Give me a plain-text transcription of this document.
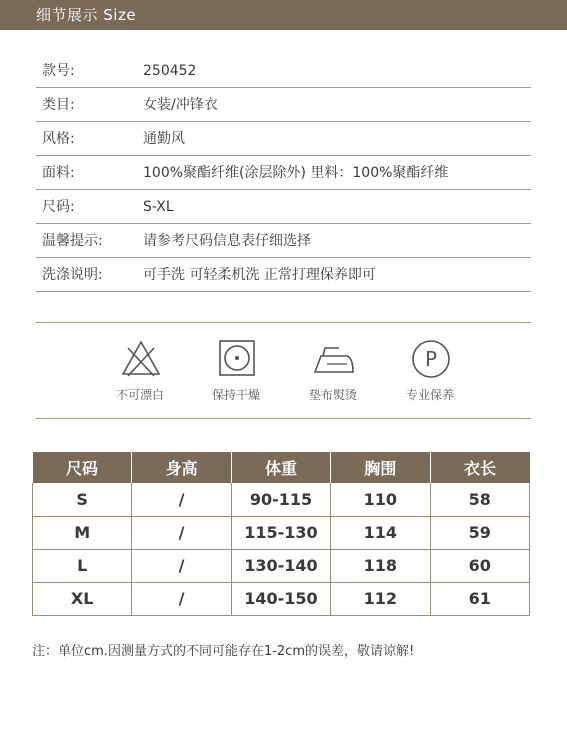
细节展示 Size
款号:	250452
类目:	女装/冲锋衣
风格:	通勤风
面料:	100%聚酯纤维(涂层除外) 里料：100%聚酯纤维
尺码:	S-XL
温馨提示:	请参考尺码信息表仔细选择
洗涤说明:	可手洗 可轻柔机洗 正常打理保养即可
不可漂白	保持干燥	垫布熨烫
P
专业保养
尺码	身高	体重	胸围	衣长
S	/	90-115	110	58
M	/	115-130	114	59
L	/	130-140	118	60
XL	/	140-150	112	61
注：单位cm.因测量方式的不同可能存在1-2cm的误差，敬请谅解!
